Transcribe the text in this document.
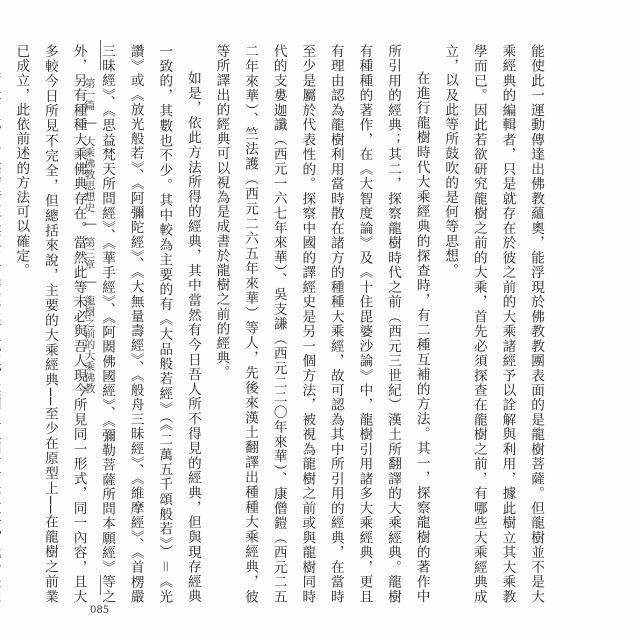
第一篇 │ 大乘佛教思想史 │ 第三章 │ 龍樹之前的大乘佛教
085

能使此一運動傳達出佛教蘊奧，能浮現於佛教教團表面的是龍樹菩薩。但龍樹並不是大乘經典的編輯者，只是就存在於彼之前的大乘諸經予以詮解與利用，據此樹立其大乘教學而已。因此若欲研究龍樹之前的大乘，首先必須探查在龍樹之前，有哪些大乘經典成立，以及此等所鼓吹的是何等思想。

在進行龍樹時代大乘經典的探查時，有二種互補的方法。其一，探察龍樹的著作中所引用的經典；其二，探察龍樹時代之前（西元三世紀）漢土所翻譯的大乘經典。龍樹有種種的著作，在《大智度論》及《十住毘婆沙論》中，龍樹引用諸多大乘經典，更且有理由認為龍樹利用當時散在諸方的種種大乘經，故可認為其中所引用的經典，在當時至少是屬於代表性的。探察中國的譯經史是另一個方法，被視為龍樹之前或與龍樹同時代的支婁迦讖（西元一六七年來華）、吳支謙（西元二二〇年來華）、康僧鎧（西元二五二年來華）、竺法護（西元二六五年來華）等人，先後來漢土翻譯出種種大乘經典，彼等所譯出的經典可以視為是成書於龍樹之前的經典。

如是，依此方法所得的經典，其中當然有今日吾人所不得見的經典，但與現存經典一致的，其數也不少。其中較為主要的有《大品般若經》（《二萬五千頌般若》）＝《光讚》或《放光般若》、《阿彌陀經》、《大無量壽經》、《般舟三昧經》、《維摩經》、《首楞嚴三昧經》、《思益梵天所問經》、《華手經》、《阿閦佛國經》、《彌勒菩薩所問本願經》等之外，另有種種大乘佛典存在。當然此等未必與吾人現今所見同一形式，同一內容，且大多較今日所見不完全，但總括來說，主要的大乘經典──至少在原型上──在龍樹之前業已成立，此依前述的方法可以確定。
